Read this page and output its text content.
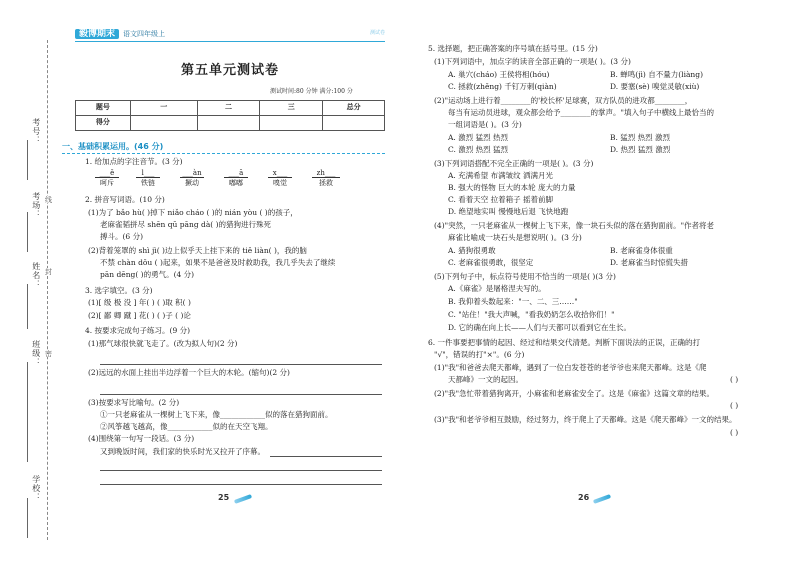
考号：
考场：
姓名：
班级：
学校：
线
封
密
毅博期末	语文四年级上	测试卷
第五单元测试卷
测试时间:80 分钟 满分:100 分
题号	一	二	三	总分
得分				
一、基础积累运用。(46 分)
1. 给加点的字注音节。(3 分)
___ě
呵斥
l___
铁链
___àn
撅动
___ā
嘟嘟
x___
嗅觉
zh___
拯救
2. 拼音写词语。(10 分)
(1)为了 bǎo hù( )掉下 niǎo cháo ( )的 nián yòu ( )的孩子，
老麻雀韬拼尽 shēn qū pāng dà( )的猎狗进行殊死
搏斗。(6 分)
(2)背着笼罩的 shì jì( )边上似乎天上挂下来的 tiě liàn( )，我的脑
不禁 chàn dǒu ( )起来，如果不是爸爸及时救助我，我几乎失去了继续
pān dēng( )的勇气。(4 分)
3. 选字填空。(3 分)
(1)[ 级 极 没 ] 年( ) ( )取 积( )
(2)[ 鄙 卿 蹴 ] 花( ) ( )子 ( )论
4. 按要求完成句子练习。(9 分)
(1)那气球很快就飞走了。(改为拟人句)(2 分)
(2)远远的水面上挂出半边浮着一个巨大的木轮。(缩句)(2 分)
(3)按要求写比喻句。(2 分)
①一只老麻雀从一棵树上飞下来，像____________似的落在猎狗面前。
②风筝越飞越高，像____________似的在天空飞翔。
(4)围绕第一句写一段话。(3 分)
又到晚饭时间，我们家的快乐时光又拉开了序幕。
25
5. 选择题，把正确答案的序号填在括号里。(15 分)
(1)下列词语中，加点字的读音全部正确的一项是( )。(3 分)
A. 巢穴(cháo) 王侯将相(hóu)	B. 蝉鸣(jì) 自不量力(liàng)
C. 拯救(zhěng) 千钉万刺(qiàn)	D. 要塞(sè) 嗅觉灵敏(xiù)
(2)"运动场上进行着________的'校长杯'足球赛，双方队员的进攻都________，
每当有运动员进球，观众都会给予________的掌声。"填入句子中横线上最恰当的
一组词语是( )。(3 分)
A. 激烈 猛烈 热烈	B. 猛烈 热烈 激烈
C. 激烈 热烈 猛烈	D. 热烈 猛烈 激烈
(3)下列词语搭配不完全正确的一项是( )。(3 分)
A. 充满希望 布满皱纹 洒满月光
B. 强大的怪物 巨大的本轮 庞大的力量
C. 看着天空 拉着箱子 摇着前脚
D. 绝望地实叫 慢慢地后退 飞快地跑
(4)"突然，一只老麻雀从一棵树上飞下来，像一块石头似的落在猎狗面前。"作者将老
麻雀比喻成一块石头是想说明( )。(3 分)
A. 猎狗很勇敢	B. 老麻雀身体很重
C. 老麻雀很勇敢，很坚定	D. 老麻雀当时惊慌失措
(5)下列句子中，标点符号使用不恰当的一项是( )(3 分)
A.《麻雀》是屠格涅夫写的。
B. 我仰着头数起来："一、二、三……"
C. "站住！"我大声喊，"看我奶奶怎么收拾你们！"
D. 它的确在向上长——人们与天都可以看到它在生长。
6. 一件事要把事情的起因、经过和结果交代清楚。判断下面说法的正误，正确的打
"√"，错误的打"×"。(6 分)
(1)"我"和爸爸去爬天都峰，遇到了一位白发苍苍的老爷爷也来爬天都峰。这是《爬
天都峰》一文的起因。	( )
(2)"我"急忙带着猎狗离开，小麻雀和老麻雀安全了。这是《麻雀》这篇文章的结果。
( )
(3)"我"和老爷爷相互鼓励，经过努力，终于爬上了天都峰。这是《爬天都峰》一文的结果。
( )
26
